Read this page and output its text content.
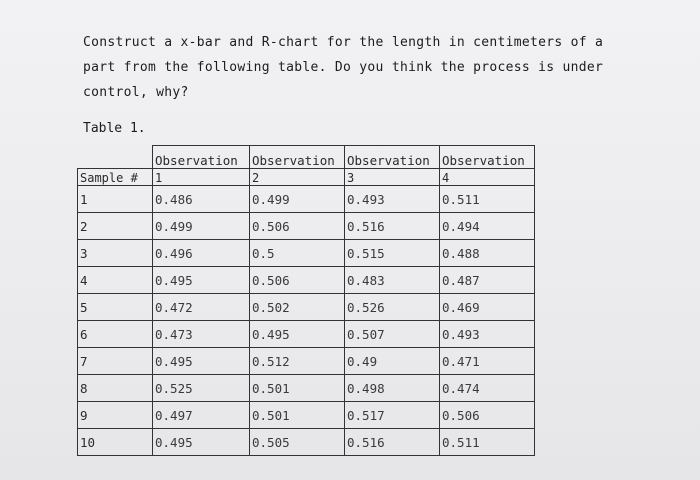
Construct a x-bar and R-chart for the length in centimeters of a
part from the following table. Do you think the process is under
control, why?

Table 1.

	Observation	Observation	Observation	Observation
Sample #	1	2	3	4
1	0.486	0.499	0.493	0.511
2	0.499	0.506	0.516	0.494
3	0.496	0.5	0.515	0.488
4	0.495	0.506	0.483	0.487
5	0.472	0.502	0.526	0.469
6	0.473	0.495	0.507	0.493
7	0.495	0.512	0.49	0.471
8	0.525	0.501	0.498	0.474
9	0.497	0.501	0.517	0.506
10	0.495	0.505	0.516	0.511
